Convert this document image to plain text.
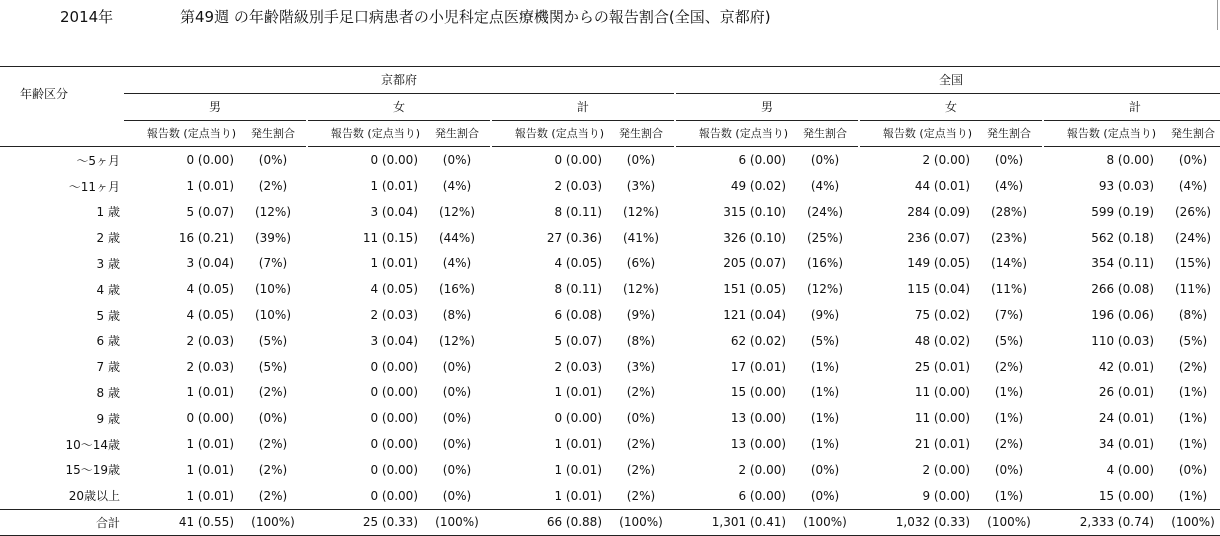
2014年	第49週 の年齢階級別手足口病患者の小児科定点医療機関からの報告割合(全国、京都府)
年齢区分	京都府									全国							
	男			女			計			男			女			計	
	報告数 (定点当り)	発生割合		報告数 (定点当り)	発生割合		報告数 (定点当り)	発生割合		報告数 (定点当り)	発生割合		報告数 (定点当り)	発生割合		報告数 (定点当り)	発生割合
～5ヶ月	0 (0.00)	(0%)		0 (0.00)	(0%)		0 (0.00)	(0%)		6 (0.00)	(0%)		2 (0.00)	(0%)		8 (0.00)	(0%)
～11ヶ月	1 (0.01)	(2%)		1 (0.01)	(4%)		2 (0.03)	(3%)		49 (0.02)	(4%)		44 (0.01)	(4%)		93 (0.03)	(4%)
1 歳	5 (0.07)	(12%)		3 (0.04)	(12%)		8 (0.11)	(12%)		315 (0.10)	(24%)		284 (0.09)	(28%)		599 (0.19)	(26%)
2 歳	16 (0.21)	(39%)		11 (0.15)	(44%)		27 (0.36)	(41%)		326 (0.10)	(25%)		236 (0.07)	(23%)		562 (0.18)	(24%)
3 歳	3 (0.04)	(7%)		1 (0.01)	(4%)		4 (0.05)	(6%)		205 (0.07)	(16%)		149 (0.05)	(14%)		354 (0.11)	(15%)
4 歳	4 (0.05)	(10%)		4 (0.05)	(16%)		8 (0.11)	(12%)		151 (0.05)	(12%)		115 (0.04)	(11%)		266 (0.08)	(11%)
5 歳	4 (0.05)	(10%)		2 (0.03)	(8%)		6 (0.08)	(9%)		121 (0.04)	(9%)		75 (0.02)	(7%)		196 (0.06)	(8%)
6 歳	2 (0.03)	(5%)		3 (0.04)	(12%)		5 (0.07)	(8%)		62 (0.02)	(5%)		48 (0.02)	(5%)		110 (0.03)	(5%)
7 歳	2 (0.03)	(5%)		0 (0.00)	(0%)		2 (0.03)	(3%)		17 (0.01)	(1%)		25 (0.01)	(2%)		42 (0.01)	(2%)
8 歳	1 (0.01)	(2%)		0 (0.00)	(0%)		1 (0.01)	(2%)		15 (0.00)	(1%)		11 (0.00)	(1%)		26 (0.01)	(1%)
9 歳	0 (0.00)	(0%)		0 (0.00)	(0%)		0 (0.00)	(0%)		13 (0.00)	(1%)		11 (0.00)	(1%)		24 (0.01)	(1%)
10～14歳	1 (0.01)	(2%)		0 (0.00)	(0%)		1 (0.01)	(2%)		13 (0.00)	(1%)		21 (0.01)	(2%)		34 (0.01)	(1%)
15～19歳	1 (0.01)	(2%)		0 (0.00)	(0%)		1 (0.01)	(2%)		2 (0.00)	(0%)		2 (0.00)	(0%)		4 (0.00)	(0%)
20歳以上	1 (0.01)	(2%)		0 (0.00)	(0%)		1 (0.01)	(2%)		6 (0.00)	(0%)		9 (0.00)	(1%)		15 (0.00)	(1%)
合計	41 (0.55)	(100%)		25 (0.33)	(100%)		66 (0.88)	(100%)		1,301 (0.41)	(100%)		1,032 (0.33)	(100%)		2,333 (0.74)	(100%)
